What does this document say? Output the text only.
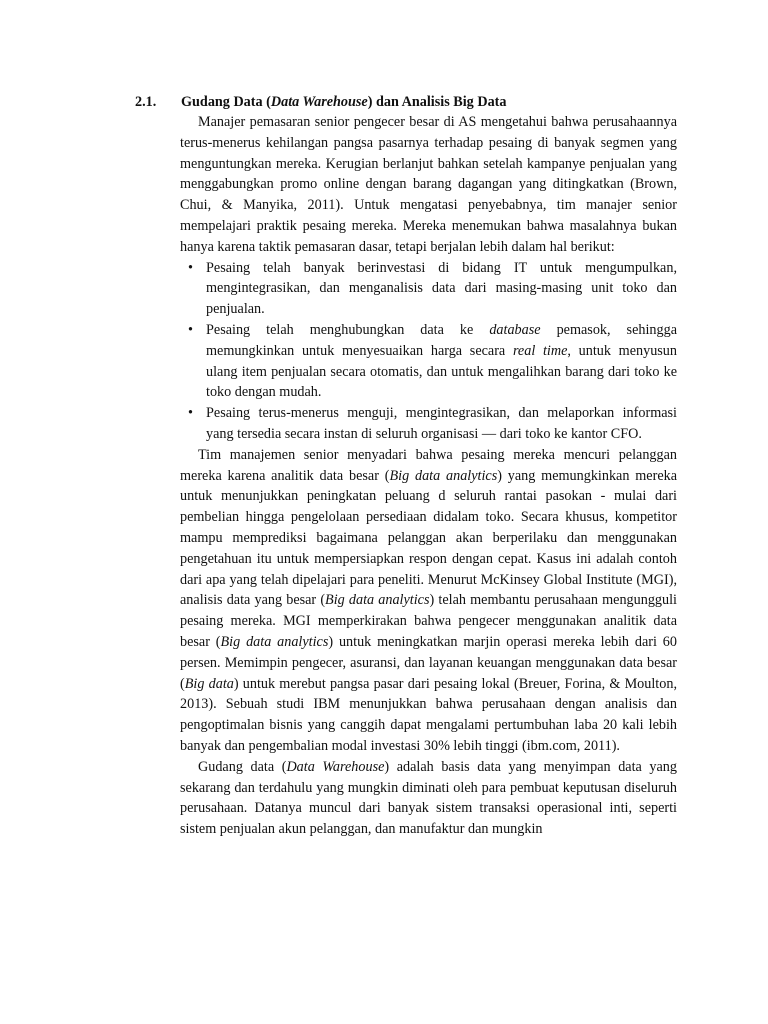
2.1. Gudang Data (Data Warehouse) dan Analisis Big Data

Manajer pemasaran senior pengecer besar di AS mengetahui bahwa perusahaannya terus-menerus kehilangan pangsa pasarnya terhadap pesaing di banyak segmen yang menguntungkan mereka. Kerugian berlanjut bahkan setelah kampanye penjualan yang menggabungkan promo online dengan barang dagangan yang ditingkatkan (Brown, Chui, & Manyika, 2011). Untuk mengatasi penyebabnya, tim manajer senior mempelajari praktik pesaing mereka. Mereka menemukan bahwa masalahnya bukan hanya karena taktik pemasaran dasar, tetapi berjalan lebih dalam hal berikut:

• Pesaing telah banyak berinvestasi di bidang IT untuk mengumpulkan, mengintegrasikan, dan menganalisis data dari masing-masing unit toko dan penjualan.
• Pesaing telah menghubungkan data ke database pemasok, sehingga memungkinkan untuk menyesuaikan harga secara real time, untuk menyusun ulang item penjualan secara otomatis, dan untuk mengalihkan barang dari toko ke toko dengan mudah.
• Pesaing terus-menerus menguji, mengintegrasikan, dan melaporkan informasi yang tersedia secara instan di seluruh organisasi — dari toko ke kantor CFO.

Tim manajemen senior menyadari bahwa pesaing mereka mencuri pelanggan mereka karena analitik data besar (Big data analytics) yang memungkinkan mereka untuk menunjukkan peningkatan peluang d seluruh rantai pasokan - mulai dari pembelian hingga pengelolaan persediaan didalam toko. Secara khusus, kompetitor mampu memprediksi bagaimana pelanggan akan berperilaku dan menggunakan pengetahuan itu untuk mempersiapkan respon dengan cepat. Kasus ini adalah contoh dari apa yang telah dipelajari para peneliti. Menurut McKinsey Global Institute (MGI), analisis data yang besar (Big data analytics) telah membantu perusahaan mengungguli pesaing mereka. MGI memperkirakan bahwa pengecer menggunakan analitik data besar (Big data analytics) untuk meningkatkan marjin operasi mereka lebih dari 60 persen. Memimpin pengecer, asuransi, dan layanan keuangan menggunakan data besar (Big data) untuk merebut pangsa pasar dari pesaing lokal (Breuer, Forina, & Moulton, 2013). Sebuah studi IBM menunjukkan bahwa perusahaan dengan analisis dan pengoptimalan bisnis yang canggih dapat mengalami pertumbuhan laba 20 kali lebih banyak dan pengembalian modal investasi 30% lebih tinggi (ibm.com, 2011).

Gudang data (Data Warehouse) adalah basis data yang menyimpan data yang sekarang dan terdahulu yang mungkin diminati oleh para pembuat keputusan diseluruh perusahaan. Datanya muncul dari banyak sistem transaksi operasional inti, seperti sistem penjualan akun pelanggan, dan manufaktur dan mungkin
